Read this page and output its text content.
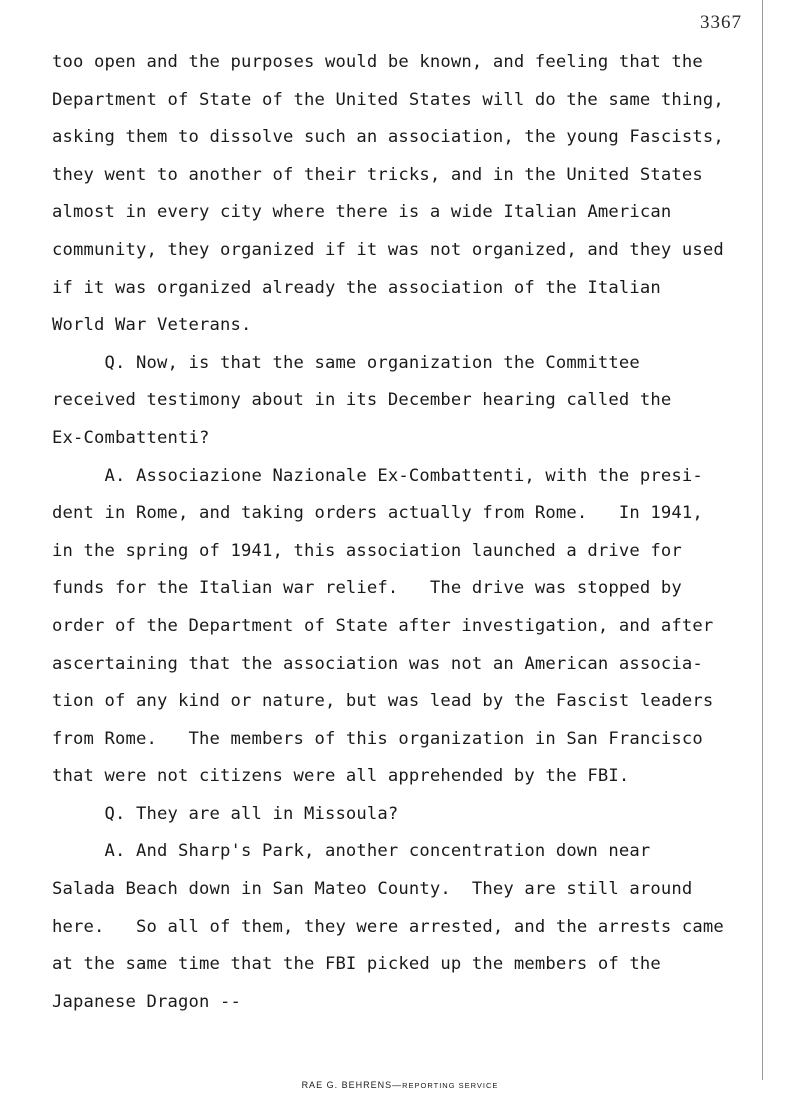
3367
too open and the purposes would be known, and feeling that the
Department of State of the United States will do the same thing,
asking them to dissolve such an association, the young Fascists,
they went to another of their tricks, and in the United States
almost in every city where there is a wide Italian American
community, they organized if it was not organized, and they used
if it was organized already the association of the Italian
World War Veterans.
Q. Now, is that the same organization the Committee
received testimony about in its December hearing called the
Ex-Combattenti?
A. Associazione Nazionale Ex-Combattenti, with the presi-
dent in Rome, and taking orders actually from Rome.   In 1941,
in the spring of 1941, this association launched a drive for
funds for the Italian war relief.   The drive was stopped by
order of the Department of State after investigation, and after
ascertaining that the association was not an American associa-
tion of any kind or nature, but was lead by the Fascist leaders
from Rome.   The members of this organization in San Francisco
that were not citizens were all apprehended by the FBI.
Q. They are all in Missoula?
A. And Sharp's Park, another concentration down near
Salada Beach down in San Mateo County.  They are still around
here.   So all of them, they were arrested, and the arrests came
at the same time that the FBI picked up the members of the
Japanese Dragon --
RAE G. BEHRENS—REPORTING SERVICE
